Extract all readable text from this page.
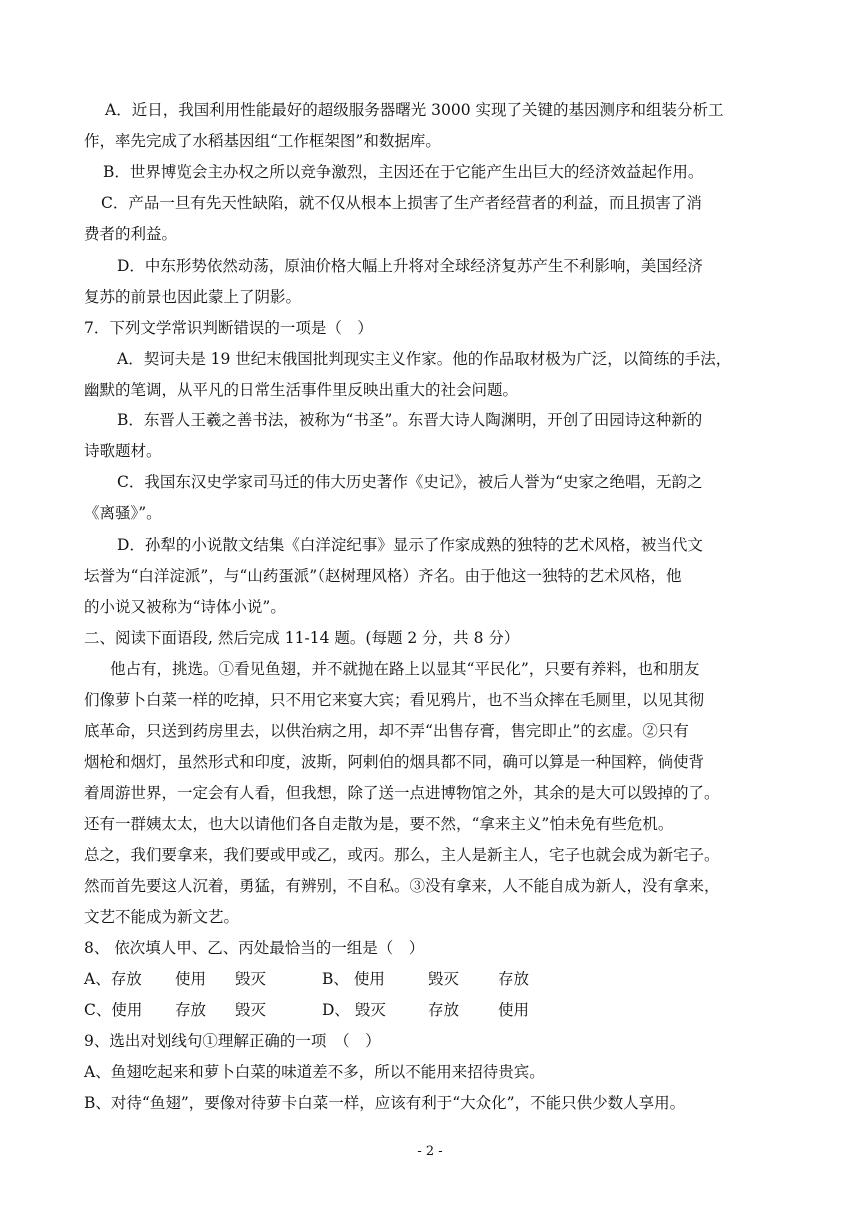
A．近日，我国利用性能最好的超级服务器曙光 3000 实现了关键的基因测序和组装分析工
作，率先完成了水稻基因组“工作框架图”和数据库。
B．世界博览会主办权之所以竞争激烈，主因还在于它能产生出巨大的经济效益起作用。
C．产品一旦有先天性缺陷，就不仅从根本上损害了生产者经营者的利益，而且损害了消
费者的利益。
D．中东形势依然动荡，原油价格大幅上升将对全球经济复苏产生不利影响，美国经济
复苏的前景也因此蒙上了阴影。
7．下列文学常识判断错误的一项是（　）
A．契诃夫是 19 世纪末俄国批判现实主义作家。他的作品取材极为广泛，以简练的手法，
幽默的笔调，从平凡的日常生活事件里反映出重大的社会问题。
B．东晋人王羲之善书法，被称为“书圣”。东晋大诗人陶渊明，开创了田园诗这种新的
诗歌题材。
C．我国东汉史学家司马迁的伟大历史著作《史记》，被后人誉为“史家之绝唱，无韵之
《离骚》”。
D．孙犁的小说散文结集《白洋淀纪事》显示了作家成熟的独特的艺术风格，被当代文
坛誉为“白洋淀派”，与“山药蛋派”（赵树理风格）齐名。由于他这一独特的艺术风格，他
的小说又被称为“诗体小说”。
二、阅读下面语段, 然后完成 11-14 题。(每题 2 分，共 8 分）
他占有，挑选。①看见鱼翅，并不就抛在路上以显其“平民化”，只要有养料，也和朋友
们像萝卜白菜一样的吃掉，只不用它来宴大宾；看见鸦片，也不当众摔在毛厕里，以见其彻
底革命，只送到药房里去，以供治病之用，却不弄“出售存膏，售完即止”的玄虚。②只有
烟枪和烟灯，虽然形式和印度，波斯，阿剌伯的烟具都不同，确可以算是一种国粹，倘使背
着周游世界，一定会有人看，但我想，除了送一点进博物馆之外，其余的是大可以毁掉的了。
还有一群姨太太，也大以请他们各自走散为是，要不然，“拿来主义”怕未免有些危机。
总之，我们要拿来，我们要或甲或乙，或丙。那么，主人是新主人，宅子也就会成为新宅子。
然而首先要这人沉着，勇猛，有辨别，不自私。③没有拿来，人不能自成为新人，没有拿来，
文艺不能成为新文艺。
8、 依次填人甲、乙、丙处最恰当的一组是（　）
A、存放 使用 毁灭	B、 使用	毁灭	存放
C、使用 存放 毁灭	D、 毁灭	存放	使用
9、选出对划线句①理解正确的一项　（　）
A、鱼翅吃起来和萝卜白菜的味道差不多，所以不能用来招待贵宾。
B、对待“鱼翅”，要像对待萝卡白菜一样，应该有利于“大众化”，不能只供少数人享用。
- 2 -
